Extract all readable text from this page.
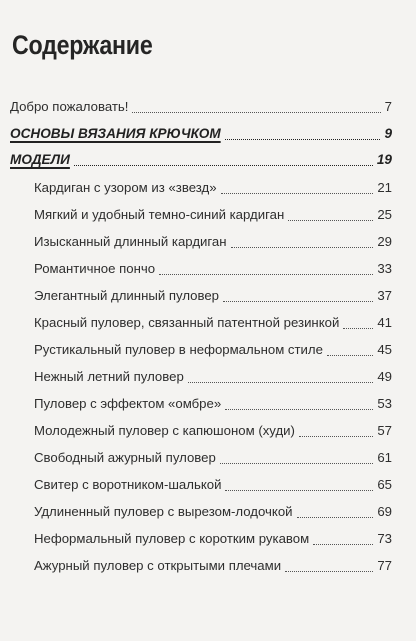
Содержание
Добро пожаловать!	7
ОСНОВЫ ВЯЗАНИЯ КРЮЧКОМ	9
МОДЕЛИ	19
Кардиган с узором из «звезд»	21
Мягкий и удобный темно-синий кардиган	25
Изысканный длинный кардиган	29
Романтичное пончо	33
Элегантный длинный пуловер	37
Красный пуловер, связанный патентной резинкой	41
Рустикальный пуловер в неформальном стиле	45
Нежный летний пуловер	49
Пуловер с эффектом «омбре»	53
Молодежный пуловер с капюшоном (худи)	57
Свободный ажурный пуловер	61
Свитер с воротником-шалькой	65
Удлиненный пуловер с вырезом-лодочкой	69
Неформальный пуловер с коротким рукавом	73
Ажурный пуловер с открытыми плечами	77
